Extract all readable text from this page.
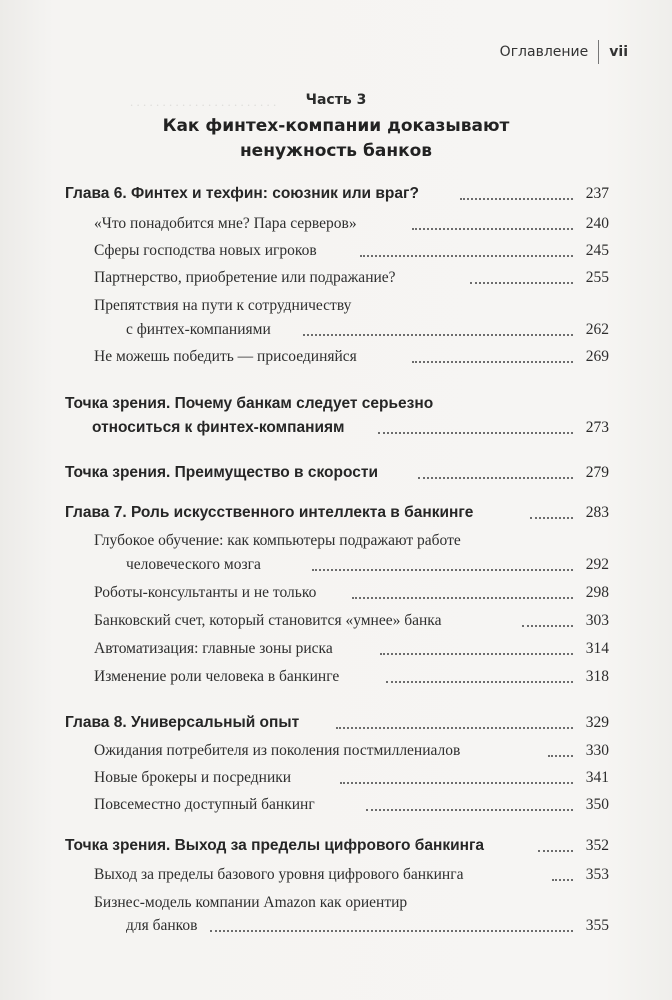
. . . . . . . . . . . . . . . . . . . . . . .
Оглавление vii
Часть 3
Как финтех-компании доказывают
ненужность банков
Глава 6. Финтех и техфин: союзник или враг?	237
«Что понадобится мне? Пара серверов»	240
Сферы господства новых игроков	245
Партнерство, приобретение или подражание?	255
Препятствия на пути к сотрудничеству
с финтех-компаниями	262
Не можешь победить — присоединяйся	269
Точка зрения. Почему банкам следует серьезно
относиться к финтех-компаниям	273
Точка зрения. Преимущество в скорости	279
Глава 7. Роль искусственного интеллекта в банкинге	283
Глубокое обучение: как компьютеры подражают работе
человеческого мозга	292
Роботы-консультанты и не только	298
Банковский счет, который становится «умнее» банка	303
Автоматизация: главные зоны риска	314
Изменение роли человека в банкинге	318
Глава 8. Универсальный опыт	329
Ожидания потребителя из поколения постмиллениалов	330
Новые брокеры и посредники	341
Повсеместно доступный банкинг	350
Точка зрения. Выход за пределы цифрового банкинга	352
Выход за пределы базового уровня цифрового банкинга	353
Бизнес-модель компании Amazon как ориентир
для банков	355
